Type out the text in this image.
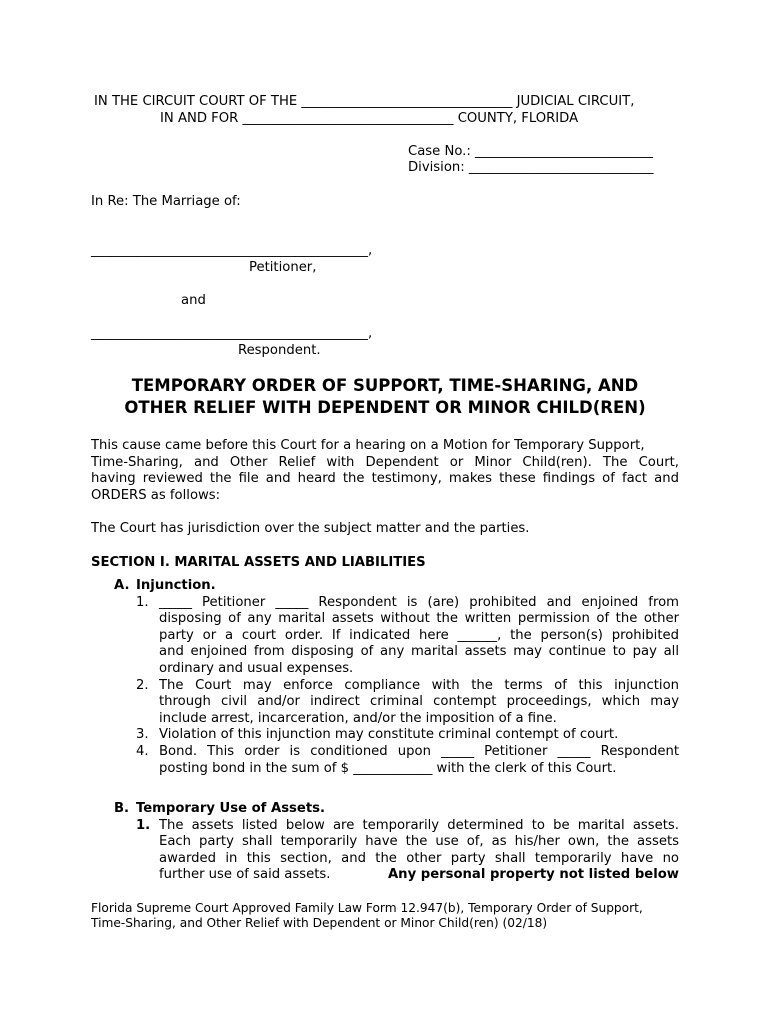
IN THE CIRCUIT COURT OF THE ________________________________ JUDICIAL CIRCUIT,
IN AND FOR ________________________________ COUNTY, FLORIDA
Case No.: ___________________________
Division: ____________________________
In Re: The Marriage of:
__________________________________________,
Petitioner,
and
__________________________________________,
Respondent.
TEMPORARY ORDER OF SUPPORT, TIME-SHARING, AND
OTHER RELIEF WITH DEPENDENT OR MINOR CHILD(REN)
This cause came before this Court for a hearing on a Motion for Temporary Support,
Time-Sharing, and Other Relief with Dependent or Minor Child(ren). The Court,
having reviewed the file and heard the testimony, makes these findings of fact and
ORDERS as follows:
The Court has jurisdiction over the subject matter and the parties.
SECTION I. MARITAL ASSETS AND LIABILITIES
A. Injunction.
1. _____ Petitioner _____ Respondent is (are) prohibited and enjoined from
disposing of any marital assets without the written permission of the other
party or a court order. If indicated here ______, the person(s) prohibited
and enjoined from disposing of any marital assets may continue to pay all
ordinary and usual expenses.
2. The Court may enforce compliance with the terms of this injunction
through civil and/or indirect criminal contempt proceedings, which may
include arrest, incarceration, and/or the imposition of a fine.
3. Violation of this injunction may constitute criminal contempt of court.
4. Bond. This order is conditioned upon _____ Petitioner _____ Respondent
posting bond in the sum of $ ____________ with the clerk of this Court.
B. Temporary Use of Assets.
1. The assets listed below are temporarily determined to be marital assets.
Each party shall temporarily have the use of, as his/her own, the assets
awarded in this section, and the other party shall temporarily have no
further use of said assets.	Any personal property not listed below
Florida Supreme Court Approved Family Law Form 12.947(b), Temporary Order of Support,
Time-Sharing, and Other Relief with Dependent or Minor Child(ren) (02/18)
